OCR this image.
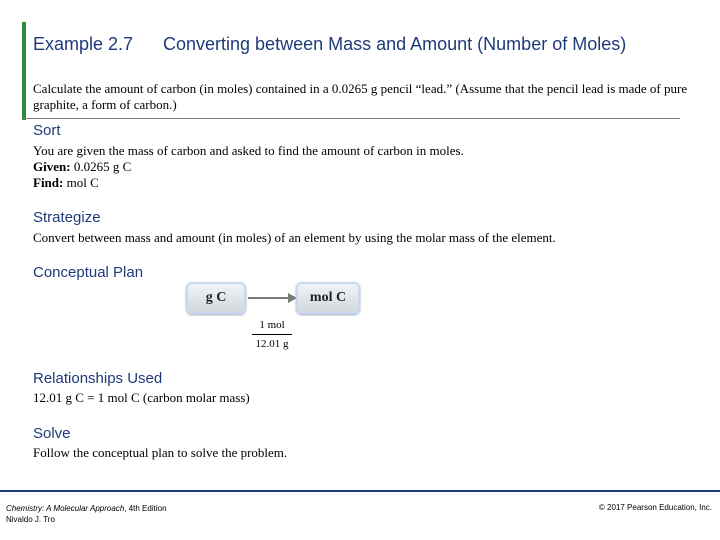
Example 2.7 Converting between Mass and Amount (Number of Moles)
Calculate the amount of carbon (in moles) contained in a 0.0265 g pencil “lead.” (Assume that the pencil lead is made of pure graphite, a form of carbon.)
Sort
You are given the mass of carbon and asked to find the amount of carbon in moles.
Given: 0.0265 g C
Find: mol C
Strategize
Convert between mass and amount (in moles) of an element by using the molar mass of the element.
Conceptual Plan
g C	mol C
1 mol
12.01 g
Relationships Used
12.01 g C = 1 mol C (carbon molar mass)
Solve
Follow the conceptual plan to solve the problem.
Chemistry: A Molecular Approach, 4th Edition
Nivaldo J. Tro
© 2017 Pearson Education, Inc.
